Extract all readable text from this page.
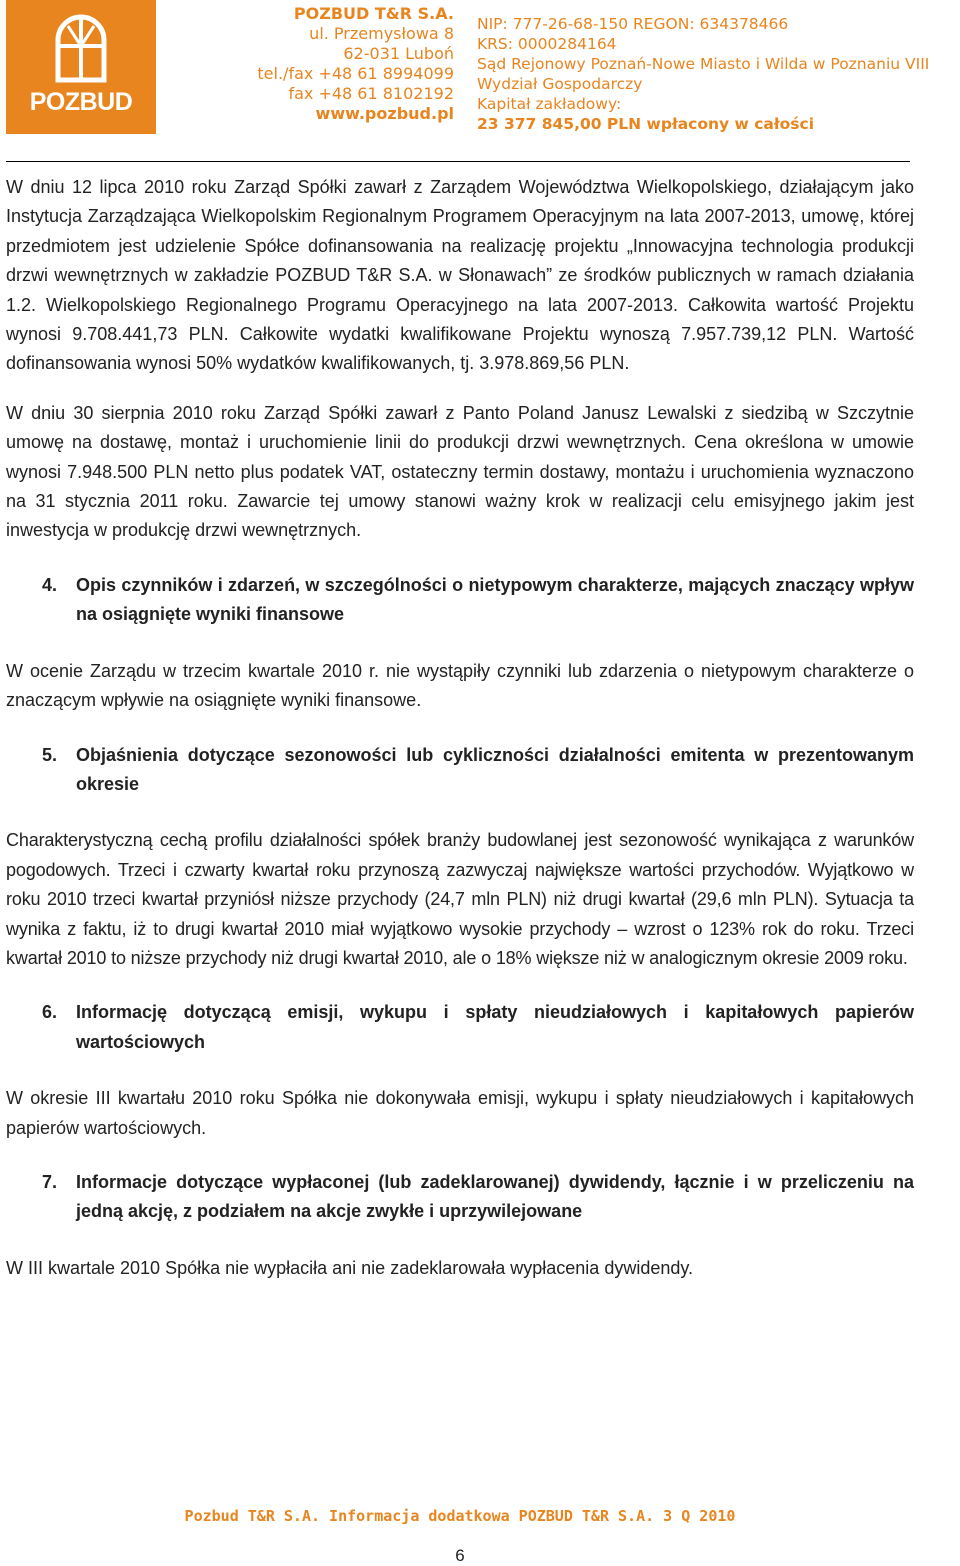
POZBUD
POZBUD T&R S.A.
ul. Przemysłowa 8
62-031 Luboń
tel./fax +48 61 8994099
fax +48 61 8102192
www.pozbud.pl
NIP: 777-26-68-150 REGON: 634378466
KRS: 0000284164
Sąd Rejonowy Poznań-Nowe Miasto i Wilda w Poznaniu VIII
Wydział Gospodarczy
Kapitał zakładowy:
23 377 845,00 PLN wpłacony w całości

W dniu 12 lipca 2010 roku Zarząd Spółki zawarł z Zarządem Województwa Wielkopolskiego, działającym jako Instytucja Zarządzająca Wielkopolskim Regionalnym Programem Operacyjnym na lata 2007-2013, umowę, której przedmiotem jest udzielenie Spółce dofinansowania na realizację projektu „Innowacyjna technologia produkcji drzwi wewnętrznych w zakładzie POZBUD T&R S.A. w Słonawach” ze środków publicznych w ramach działania 1.2. Wielkopolskiego Regionalnego Programu Operacyjnego na lata 2007-2013. Całkowita wartość Projektu wynosi 9.708.441,73 PLN. Całkowite wydatki kwalifikowane Projektu wynoszą 7.957.739,12 PLN. Wartość dofinansowania wynosi 50% wydatków kwalifikowanych, tj. 3.978.869,56 PLN.

W dniu 30 sierpnia 2010 roku Zarząd Spółki zawarł z Panto Poland Janusz Lewalski z siedzibą w Szczytnie umowę na dostawę, montaż i uruchomienie linii do produkcji drzwi wewnętrznych. Cena określona w umowie wynosi 7.948.500 PLN netto plus podatek VAT, ostateczny termin dostawy, montażu i uruchomienia wyznaczono na 31 stycznia 2011 roku. Zawarcie tej umowy stanowi ważny krok w realizacji celu emisyjnego jakim jest inwestycja w produkcję drzwi wewnętrznych.

4.	Opis czynników i zdarzeń, w szczególności o nietypowym charakterze, mających znaczący wpływ na osiągnięte wyniki finansowe

W ocenie Zarządu w trzecim kwartale 2010 r. nie wystąpiły czynniki lub zdarzenia o nietypowym charakterze o znaczącym wpływie na osiągnięte wyniki finansowe.

5.	Objaśnienia dotyczące sezonowości lub cykliczności działalności emitenta w prezentowanym okresie

Charakterystyczną cechą profilu działalności spółek branży budowlanej jest sezonowość wynikająca z warunków pogodowych. Trzeci i czwarty kwartał roku przynoszą zazwyczaj największe wartości przychodów. Wyjątkowo w roku 2010 trzeci kwartał przyniósł niższe przychody (24,7 mln PLN) niż drugi kwartał (29,6 mln PLN). Sytuacja ta wynika z faktu, iż to drugi kwartał 2010 miał wyjątkowo wysokie przychody – wzrost o 123% rok do roku. Trzeci kwartał 2010 to niższe przychody niż drugi kwartał 2010, ale o 18% większe niż w analogicznym okresie 2009 roku.

6.	Informację dotyczącą emisji, wykupu i spłaty nieudziałowych i kapitałowych papierów wartościowych

W okresie III kwartału 2010 roku Spółka nie dokonywała emisji, wykupu i spłaty nieudziałowych i kapitałowych papierów wartościowych.

7.	Informacje dotyczące wypłaconej (lub zadeklarowanej) dywidendy, łącznie i w przeliczeniu na jedną akcję, z podziałem na akcje zwykłe i uprzywilejowane

W III kwartale 2010 Spółka nie wypłaciła ani nie zadeklarowała wypłacenia dywidendy.

Pozbud T&R S.A. Informacja dodatkowa POZBUD T&R S.A. 3 Q 2010
6
